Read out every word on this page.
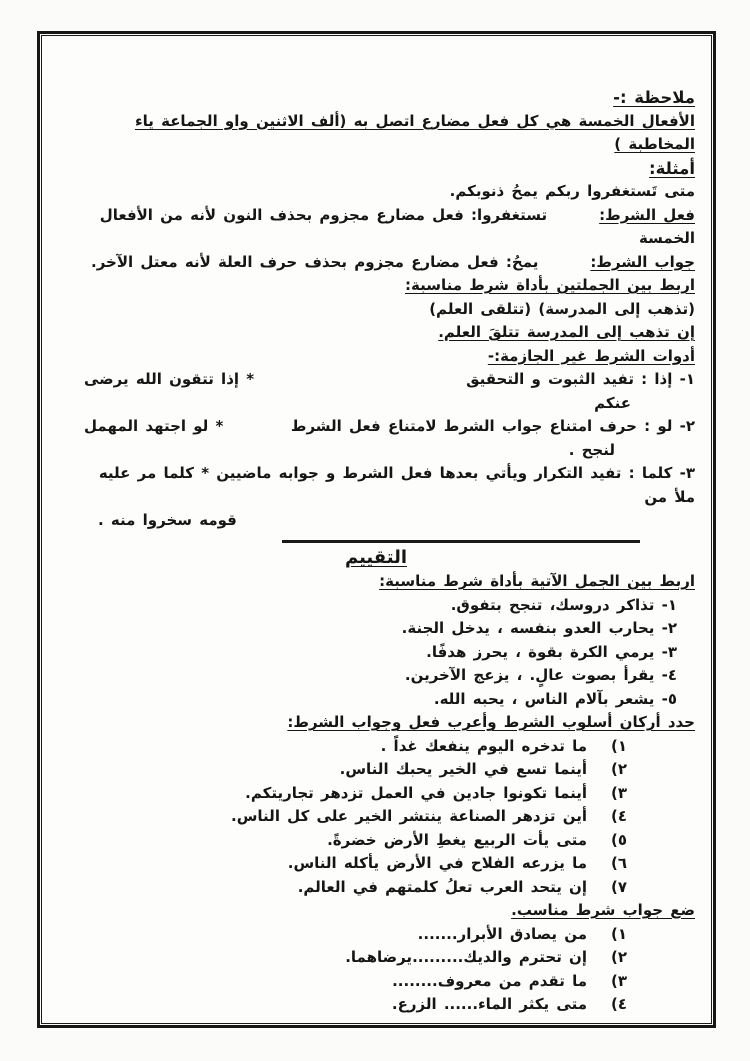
ملاحظة :-
الأفعال الخمسة هي كل فعل مضارع اتصل به (ألف الاثنين واو الجماعة ياء المخاطبة )
أمثلة:
متى تَستغفروا ربكم يمحُ ذنوبكم.
فعل الشرط:
تستغفروا: فعل مضارع مجزوم بحذف النون لأنه من الأفعال
الخمسة
جواب الشرط:
يمحُ: فعل مضارع مجزوم بحذف حرف العلة لأنه معتل الآخر.
اربط بين الجملتين بأداة شرط مناسبة:
(تذهب إلى المدرسة) (تتلقى العلم)
إن تذهب إلى المدرسة تتلقَ العلم.
أدوات الشرط غير الجازمة:-
١- إذا : تفيد الثبوت و التحقيق
* إذا تتقون الله يرضى
عنكم
٢- لو : حرف امتناع جواب الشرط لامتناع فعل الشرط
* لو اجتهد المهمل
لنجح .
٣- كلما : تفيد التكرار ويأتي بعدها فعل الشرط و جوابه ماضيين * كلما مر عليه ملأ من
قومه سخروا منه .
التقييم
اربط بين الجمل الآتية بأداة شرط مناسبة:
١- تذاكر دروسك، تنجح بتفوق.
٢- يحارب العدو بنفسه ، يدخل الجنة.
٣- يرمي الكرة بقوة ، يحرز هدفًا.
٤- يقرأ بصوت عالٍ. ، يزعج الآخرين.
٥- يشعر بآلام الناس ، يحبه الله.
حدد أركان أسلوب الشرط وأعرب فعل وجواب الشرط:
١)
ما تدخره اليوم ينفعك غداً .
٢)
أينما تسع في الخير يحبك الناس.
٣)
أينما تكونوا جادين في العمل تزدهر تجاريتكم.
٤)
أين تزدهر الصناعة ينتشر الخير على كل الناس.
٥)
متى يأت الربيع يغطِ الأرض خضرةً.
٦)
ما يزرعه الفلاح في الأرض يأكله الناس.
٧)
إن يتحد العرب تعلُ كلمتهم في العالم.
ضع جواب شرط مناسب.
١)
من يصادق الأبرار.......
٢)
إن تحترم والديك.........يرضاهما.
٣)
ما تقدم من معروف........
٤)
متى يكثر الماء...... الزرع.
